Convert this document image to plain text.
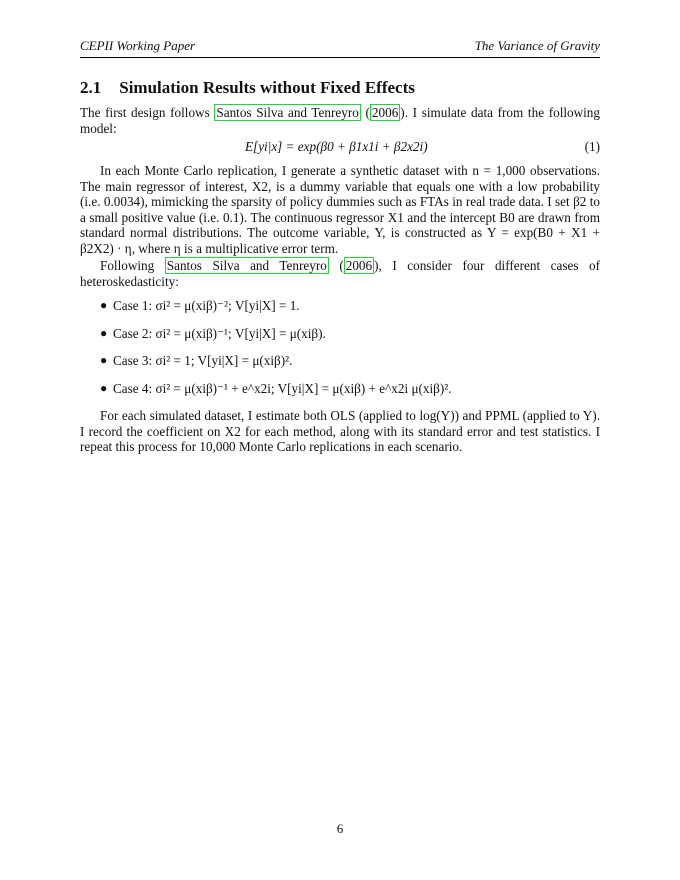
CEPII Working Paper	The Variance of Gravity
2.1 Simulation Results without Fixed Effects
The first design follows Santos Silva and Tenreyro ( 2006 ). I simulate data from the following model:
E[yi|x] = exp(β0 + β1x1i + β2x2i)	(1)
In each Monte Carlo replication, I generate a synthetic dataset with n = 1,000 observations. The main regressor of interest, X2, is a dummy variable that equals one with a low probability (i.e. 0.0034), mimicking the sparsity of policy dummies such as FTAs in real trade data. I set β2 to a small positive value (i.e. 0.1). The continuous regressor X1 and the intercept B0 are drawn from standard normal distributions. The outcome variable, Y, is constructed as Y = exp(B0 + X1 + β2X2) · η, where η is a multiplicative error term.
Following Santos Silva and Tenreyro ( 2006 ), I consider four different cases of heteroskedasticity:
● Case 1: σi² = μ(xiβ)⁻²; V[yi|X] = 1.
● Case 2: σi² = μ(xiβ)⁻¹; V[yi|X] = μ(xiβ).
● Case 3: σi² = 1; V[yi|X] = μ(xiβ)².
● Case 4: σi² = μ(xiβ)⁻¹ + e^x2i; V[yi|X] = μ(xiβ) + e^x2i μ(xiβ)².
For each simulated dataset, I estimate both OLS (applied to log(Y)) and PPML (applied to Y). I record the coefficient on X2 for each method, along with its standard error and test statistics. I repeat this process for 10,000 Monte Carlo replications in each scenario.
6
